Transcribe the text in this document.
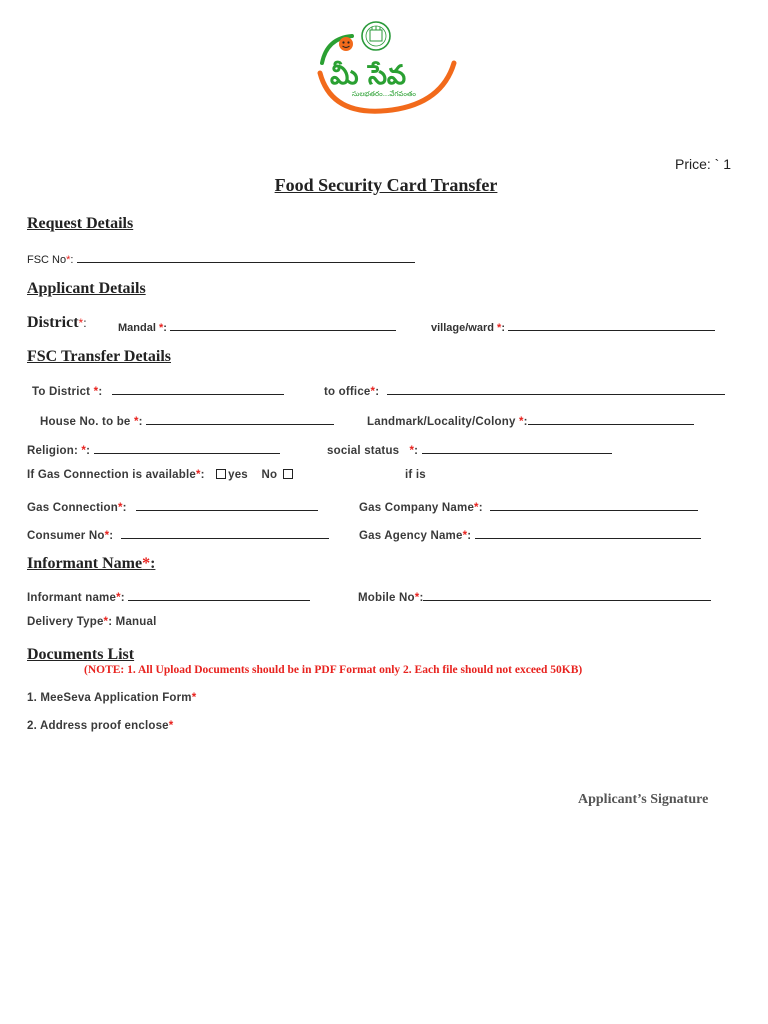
మీ సేవ
సులభతరం...వేగవంతం
Price: ` 1
Food Security Card Transfer
Request Details
FSC No*:
Applicant Details
District*:	Mandal *:	village/ward *:
FSC Transfer Details
To District *:	to office*:
House No. to be *:	Landmark/Locality/Colony *:
Religion: *:	social status *:
If Gas Connection is available*: yes No	if is
Gas Connection*:	Gas Company Name*:
Consumer No*:	Gas Agency Name*:
Informant Name*:
Informant name*:	Mobile No*:
Delivery Type*: Manual
Documents List
(NOTE: 1. All Upload Documents should be in PDF Format only 2. Each file should not exceed 50KB)
1. MeeSeva Application Form*
2. Address proof enclose*
Applicant’s Signature
